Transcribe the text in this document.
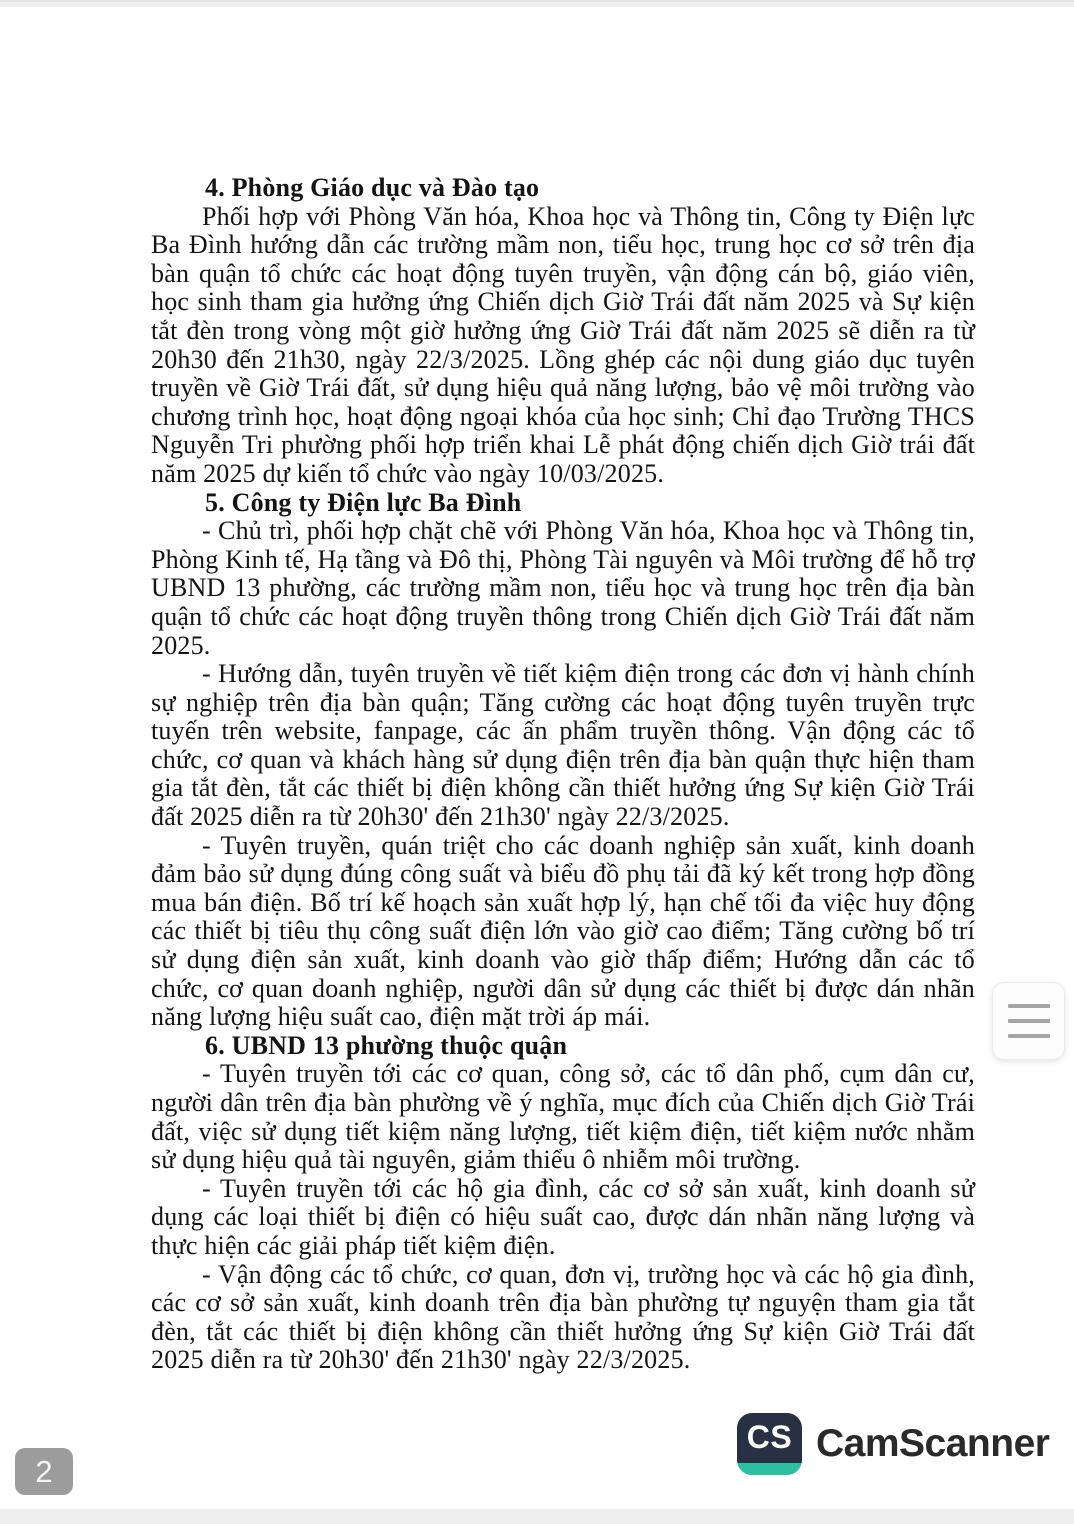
4. Phòng Giáo dục và Đào tạo
Phối hợp với Phòng Văn hóa, Khoa học và Thông tin, Công ty Điện lực Ba Đình hướng dẫn các trường mầm non, tiểu học, trung học cơ sở trên địa bàn quận tổ chức các hoạt động tuyên truyền, vận động cán bộ, giáo viên, học sinh tham gia hưởng ứng Chiến dịch Giờ Trái đất năm 2025 và Sự kiện tắt đèn trong vòng một giờ hưởng ứng Giờ Trái đất năm 2025 sẽ diễn ra từ 20h30 đến 21h30, ngày 22/3/2025. Lồng ghép các nội dung giáo dục tuyên truyền về Giờ Trái đất, sử dụng hiệu quả năng lượng, bảo vệ môi trường vào chương trình học, hoạt động ngoại khóa của học sinh; Chỉ đạo Trường THCS Nguyễn Tri phường phối hợp triển khai Lễ phát động chiến dịch Giờ trái đất năm 2025 dự kiến tổ chức vào ngày 10/03/2025.
5. Công ty Điện lực Ba Đình
- Chủ trì, phối hợp chặt chẽ với Phòng Văn hóa, Khoa học và Thông tin, Phòng Kinh tế, Hạ tầng và Đô thị, Phòng Tài nguyên và Môi trường để hỗ trợ UBND 13 phường, các trường mầm non, tiểu học và trung học trên địa bàn quận tổ chức các hoạt động truyền thông trong Chiến dịch Giờ Trái đất năm 2025.
- Hướng dẫn, tuyên truyền về tiết kiệm điện trong các đơn vị hành chính sự nghiệp trên địa bàn quận; Tăng cường các hoạt động tuyên truyền trực tuyến trên website, fanpage, các ấn phẩm truyền thông. Vận động các tổ chức, cơ quan và khách hàng sử dụng điện trên địa bàn quận thực hiện tham gia tắt đèn, tắt các thiết bị điện không cần thiết hưởng ứng Sự kiện Giờ Trái đất 2025 diễn ra từ 20h30' đến 21h30' ngày 22/3/2025.
- Tuyên truyền, quán triệt cho các doanh nghiệp sản xuất, kinh doanh đảm bảo sử dụng đúng công suất và biểu đồ phụ tải đã ký kết trong hợp đồng mua bán điện. Bố trí kế hoạch sản xuất hợp lý, hạn chế tối đa việc huy động các thiết bị tiêu thụ công suất điện lớn vào giờ cao điểm; Tăng cường bố trí sử dụng điện sản xuất, kinh doanh vào giờ thấp điểm; Hướng dẫn các tổ chức, cơ quan doanh nghiệp, người dân sử dụng các thiết bị được dán nhãn năng lượng hiệu suất cao, điện mặt trời áp mái.
6. UBND 13 phường thuộc quận
- Tuyên truyền tới các cơ quan, công sở, các tổ dân phố, cụm dân cư, người dân trên địa bàn phường về ý nghĩa, mục đích của Chiến dịch Giờ Trái đất, việc sử dụng tiết kiệm năng lượng, tiết kiệm điện, tiết kiệm nước nhằm sử dụng hiệu quả tài nguyên, giảm thiểu ô nhiễm môi trường.
- Tuyên truyền tới các hộ gia đình, các cơ sở sản xuất, kinh doanh sử dụng các loại thiết bị điện có hiệu suất cao, được dán nhãn năng lượng và thực hiện các giải pháp tiết kiệm điện.
- Vận động các tổ chức, cơ quan, đơn vị, trường học và các hộ gia đình, các cơ sở sản xuất, kinh doanh trên địa bàn phường tự nguyện tham gia tắt đèn, tắt các thiết bị điện không cần thiết hưởng ứng Sự kiện Giờ Trái đất 2025 diễn ra từ 20h30' đến 21h30' ngày 22/3/2025.
2
CS CamScanner
